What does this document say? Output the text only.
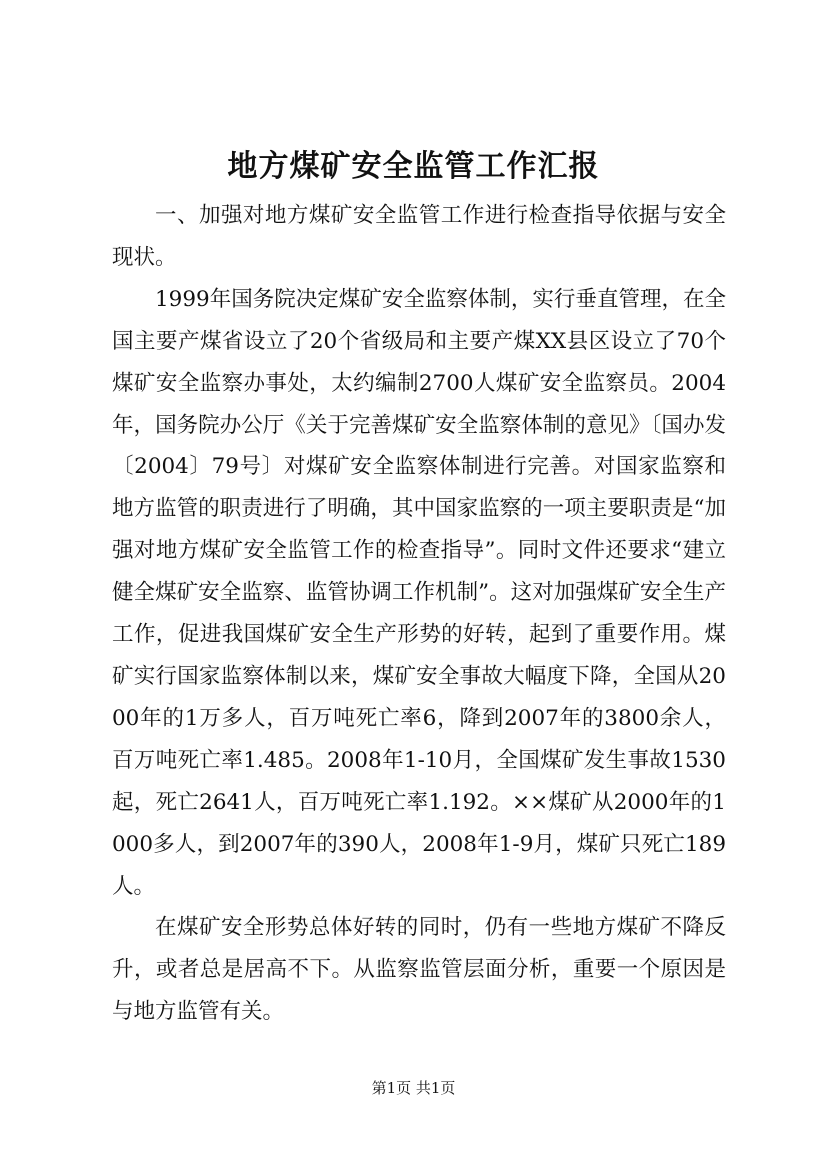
地方煤矿安全监管工作汇报

一、加强对地方煤矿安全监管工作进行检查指导依据与安全现状。

1999年国务院决定煤矿安全监察体制，实行垂直管理，在全国主要产煤省设立了20个省级局和主要产煤XX县区设立了70个煤矿安全监察办事处，太约编制2700人煤矿安全监察员。2004年，国务院办公厅《关于完善煤矿安全监察体制的意见》〔国办发〔2004〕79号〕对煤矿安全监察体制进行完善。对国家监察和地方监管的职责进行了明确，其中国家监察的一项主要职责是“加强对地方煤矿安全监管工作的检查指导”。同时文件还要求“建立健全煤矿安全监察、监管协调工作机制”。这对加强煤矿安全生产工作，促进我国煤矿安全生产形势的好转，起到了重要作用。煤矿实行国家监察体制以来，煤矿安全事故大幅度下降，全国从2000年的1万多人，百万吨死亡率6，降到2007年的3800余人，百万吨死亡率1.485。2008年1-10月，全国煤矿发生事故1530起，死亡2641人，百万吨死亡率1.192。××煤矿从2000年的1000多人，到2007年的390人，2008年1-9月，煤矿只死亡189人。

在煤矿安全形势总体好转的同时，仍有一些地方煤矿不降反升，或者总是居高不下。从监察监管层面分析，重要一个原因是与地方监管有关。

第1页 共1页
